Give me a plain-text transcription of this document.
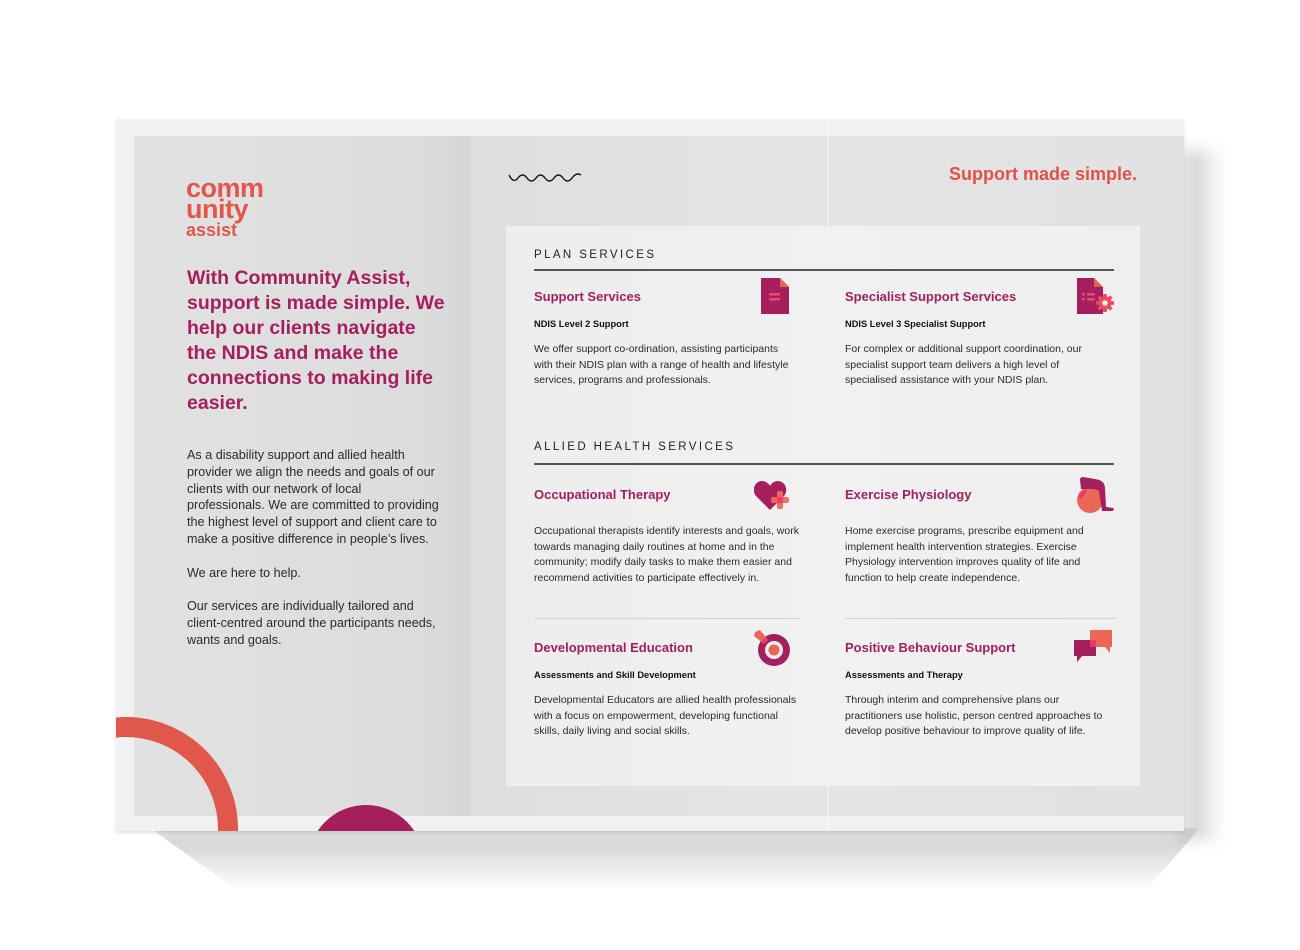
comm
unity
assist
With Community Assist, support is made simple. We help our clients navigate the NDIS and make the connections to making life easier.

As a disability support and allied health provider we align the needs and goals of our clients with our network of local professionals. We are committed to providing the highest level of support and client care to make a positive difference in people’s lives.

We are here to help.

Our services are individually tailored and client-centred around the participants needs, wants and goals.

Support made simple.
PLAN SERVICES
Support Services
NDIS Level 2 Support
We offer support co-ordination, assisting participants with their NDIS plan with a range of health and lifestyle services, programs and professionals.
Specialist Support Services
NDIS Level 3 Specialist Support
For complex or additional support coordination, our specialist support team delivers a high level of specialised assistance with your NDIS plan.
ALLIED HEALTH SERVICES
Occupational Therapy
Occupational therapists identify interests and goals, work towards managing daily routines at home and in the community; modify daily tasks to make them easier and recommend activities to participate effectively in.
Exercise Physiology
Home exercise programs, prescribe equipment and implement health intervention strategies. Exercise Physiology intervention improves quality of life and function to help create independence.
Developmental Education
Assessments and Skill Development
Developmental Educators are allied health professionals with a focus on empowerment, developing functional skills, daily living and social skills.
Positive Behaviour Support
Assessments and Therapy
Through interim and comprehensive plans our practitioners use holistic, person centred approaches to develop positive behaviour to improve quality of life.
